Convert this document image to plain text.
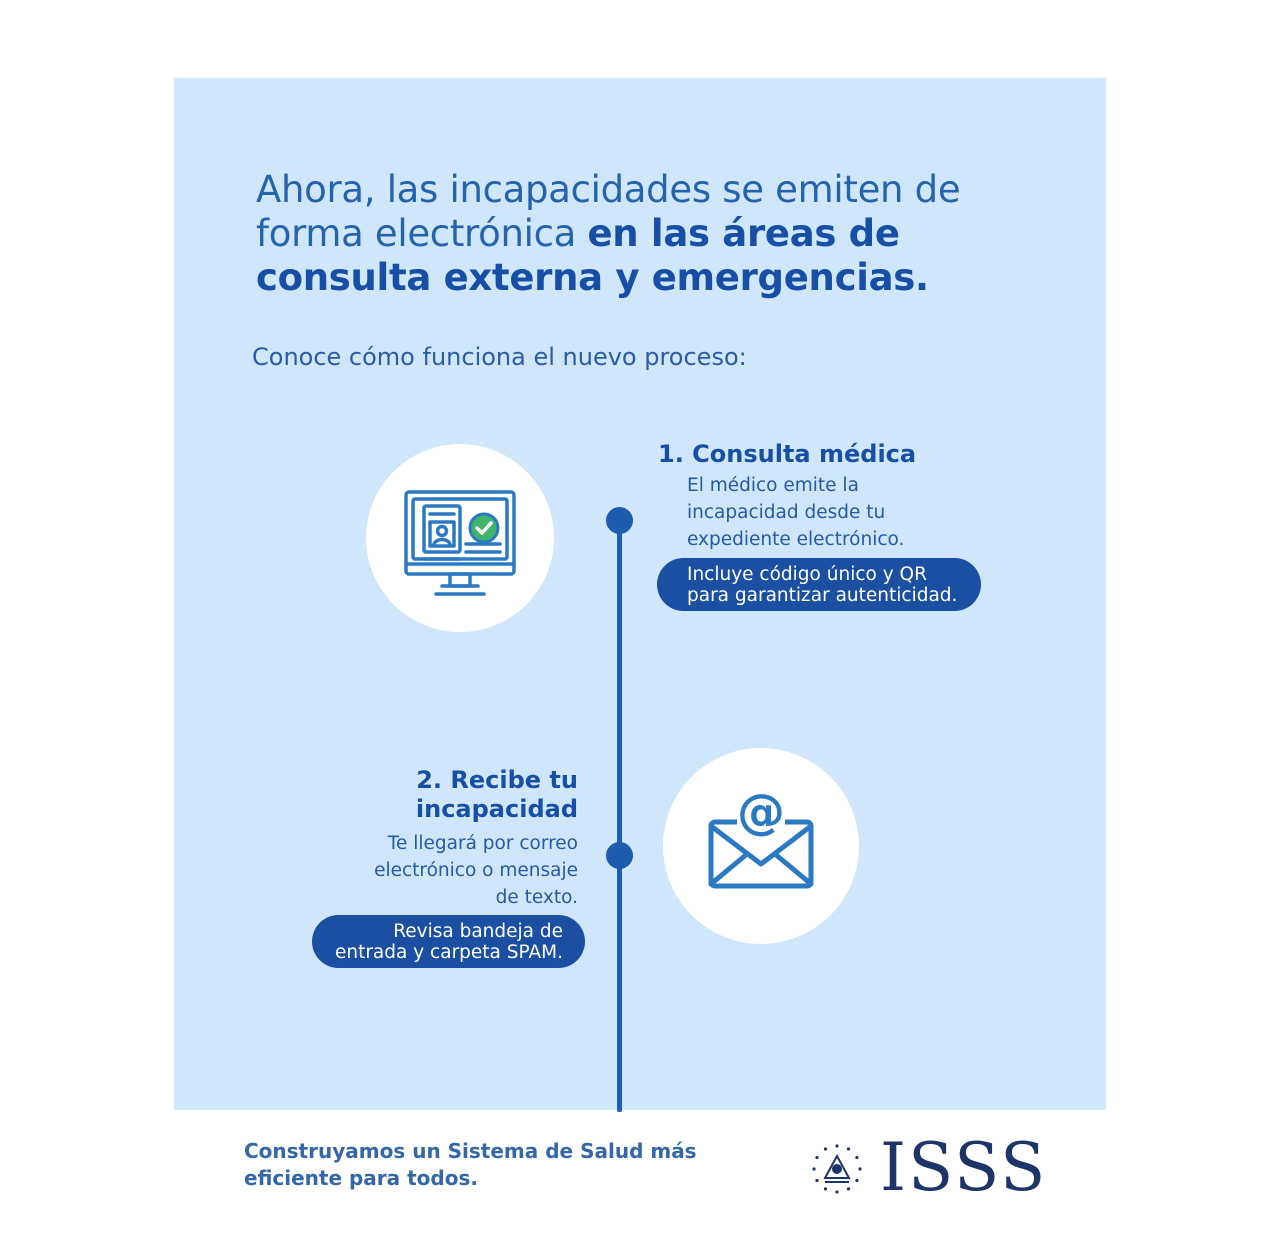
Ahora, las incapacidades se emiten de forma electrónica en las áreas de consulta externa y emergencias.
Conoce cómo funciona el nuevo proceso:
1. Consulta médica
El médico emite la
incapacidad desde tu
expediente electrónico.
Incluye código único y QR
para garantizar autenticidad.
2. Recibe tu
incapacidad
Te llegará por correo
electrónico o mensaje
de texto.
Revisa bandeja de
entrada y carpeta SPAM.
@
Construyamos un Sistema de Salud más
eficiente para todos.	ISSS
